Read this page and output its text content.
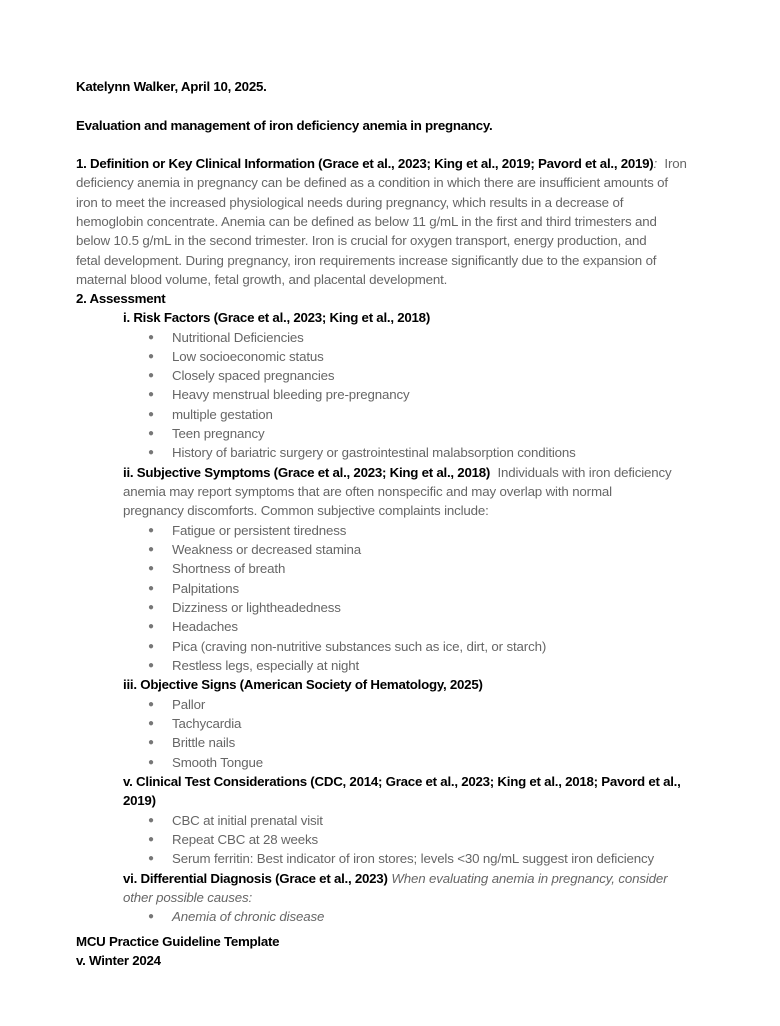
Katelynn Walker, April 10, 2025.
Evaluation and management of iron deficiency anemia in pregnancy.
1. Definition or Key Clinical Information (Grace et al., 2023; King et al., 2019; Pavord et al., 2019): Iron
deficiency anemia in pregnancy can be defined as a condition in which there are insufficient amounts of
iron to meet the increased physiological needs during pregnancy, which results in a decrease of
hemoglobin concentrate. Anemia can be defined as below 11 g/mL in the first and third trimesters and
below 10.5 g/mL in the second trimester. Iron is crucial for oxygen transport, energy production, and
fetal development. During pregnancy, iron requirements increase significantly due to the expansion of
maternal blood volume, fetal growth, and placental development.
2. Assessment
i. Risk Factors (Grace et al., 2023; King et al., 2018)
● Nutritional Deficiencies
● Low socioeconomic status
● Closely spaced pregnancies
● Heavy menstrual bleeding pre-pregnancy
● multiple gestation
● Teen pregnancy
● History of bariatric surgery or gastrointestinal malabsorption conditions
ii. Subjective Symptoms (Grace et al., 2023; King et al., 2018) Individuals with iron deficiency
anemia may report symptoms that are often nonspecific and may overlap with normal
pregnancy discomforts. Common subjective complaints include:
● Fatigue or persistent tiredness
● Weakness or decreased stamina
● Shortness of breath
● Palpitations
● Dizziness or lightheadedness
● Headaches
● Pica (craving non-nutritive substances such as ice, dirt, or starch)
● Restless legs, especially at night
iii. Objective Signs (American Society of Hematology, 2025)
● Pallor
● Tachycardia
● Brittle nails
● Smooth Tongue
v. Clinical Test Considerations (CDC, 2014; Grace et al., 2023; King et al., 2018; Pavord et al.,
2019)
● CBC at initial prenatal visit
● Repeat CBC at 28 weeks
● Serum ferritin: Best indicator of iron stores; levels <30 ng/mL suggest iron deficiency
vi. Differential Diagnosis (Grace et al., 2023) When evaluating anemia in pregnancy, consider
other possible causes:
● Anemia of chronic disease
MCU Practice Guideline Template
v. Winter 2024
